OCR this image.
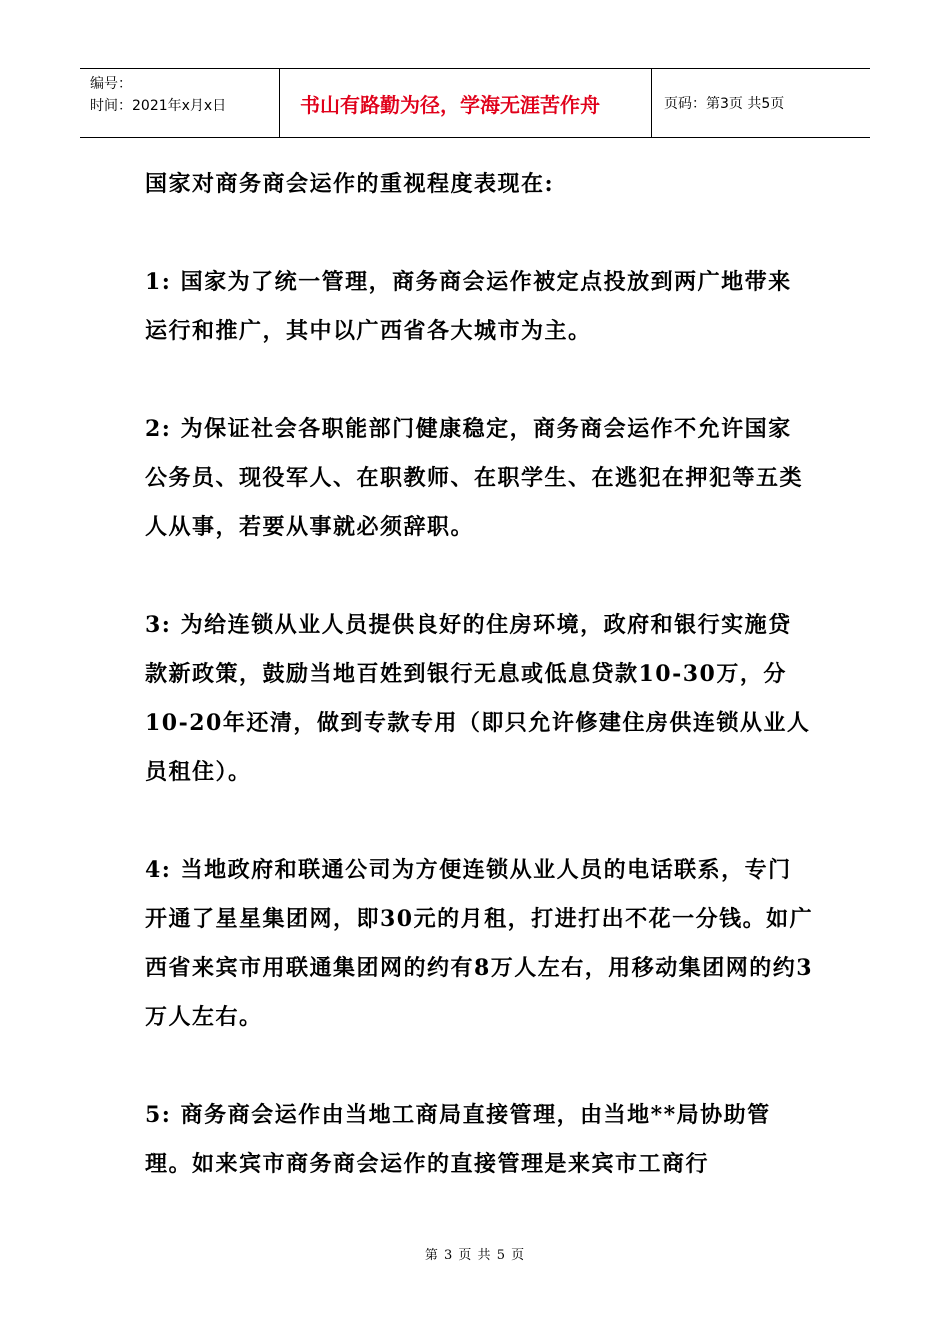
编号：
时间：2021年x月x日	书山有路勤为径，学海无涯苦作舟	页码：第3页 共5页

国家对商务商会运作的重视程度表现在:

1: 国家为了统一管理，商务商会运作被定点投放到两广地带来运行和推广，其中以广西省各大城市为主。

2: 为保证社会各职能部门健康稳定，商务商会运作不允许国家公务员、现役军人、在职教师、在职学生、在逃犯在押犯等五类人从事，若要从事就必须辞职。

3: 为给连锁从业人员提供良好的住房环境，政府和银行实施贷款新政策，鼓励当地百姓到银行无息或低息贷款10-30万，分10-20年还清，做到专款专用（即只允许修建住房供连锁从业人员租住）。

4: 当地政府和联通公司为方便连锁从业人员的电话联系，专门开通了星星集团网，即30元的月租，打进打出不花一分钱。如广西省来宾市用联通集团网的约有8万人左右，用移动集团网的约3万人左右。

5: 商务商会运作由当地工商局直接管理，由当地**局协助管理。如来宾市商务商会运作的直接管理是来宾市工商行

第 3 页 共 5 页
